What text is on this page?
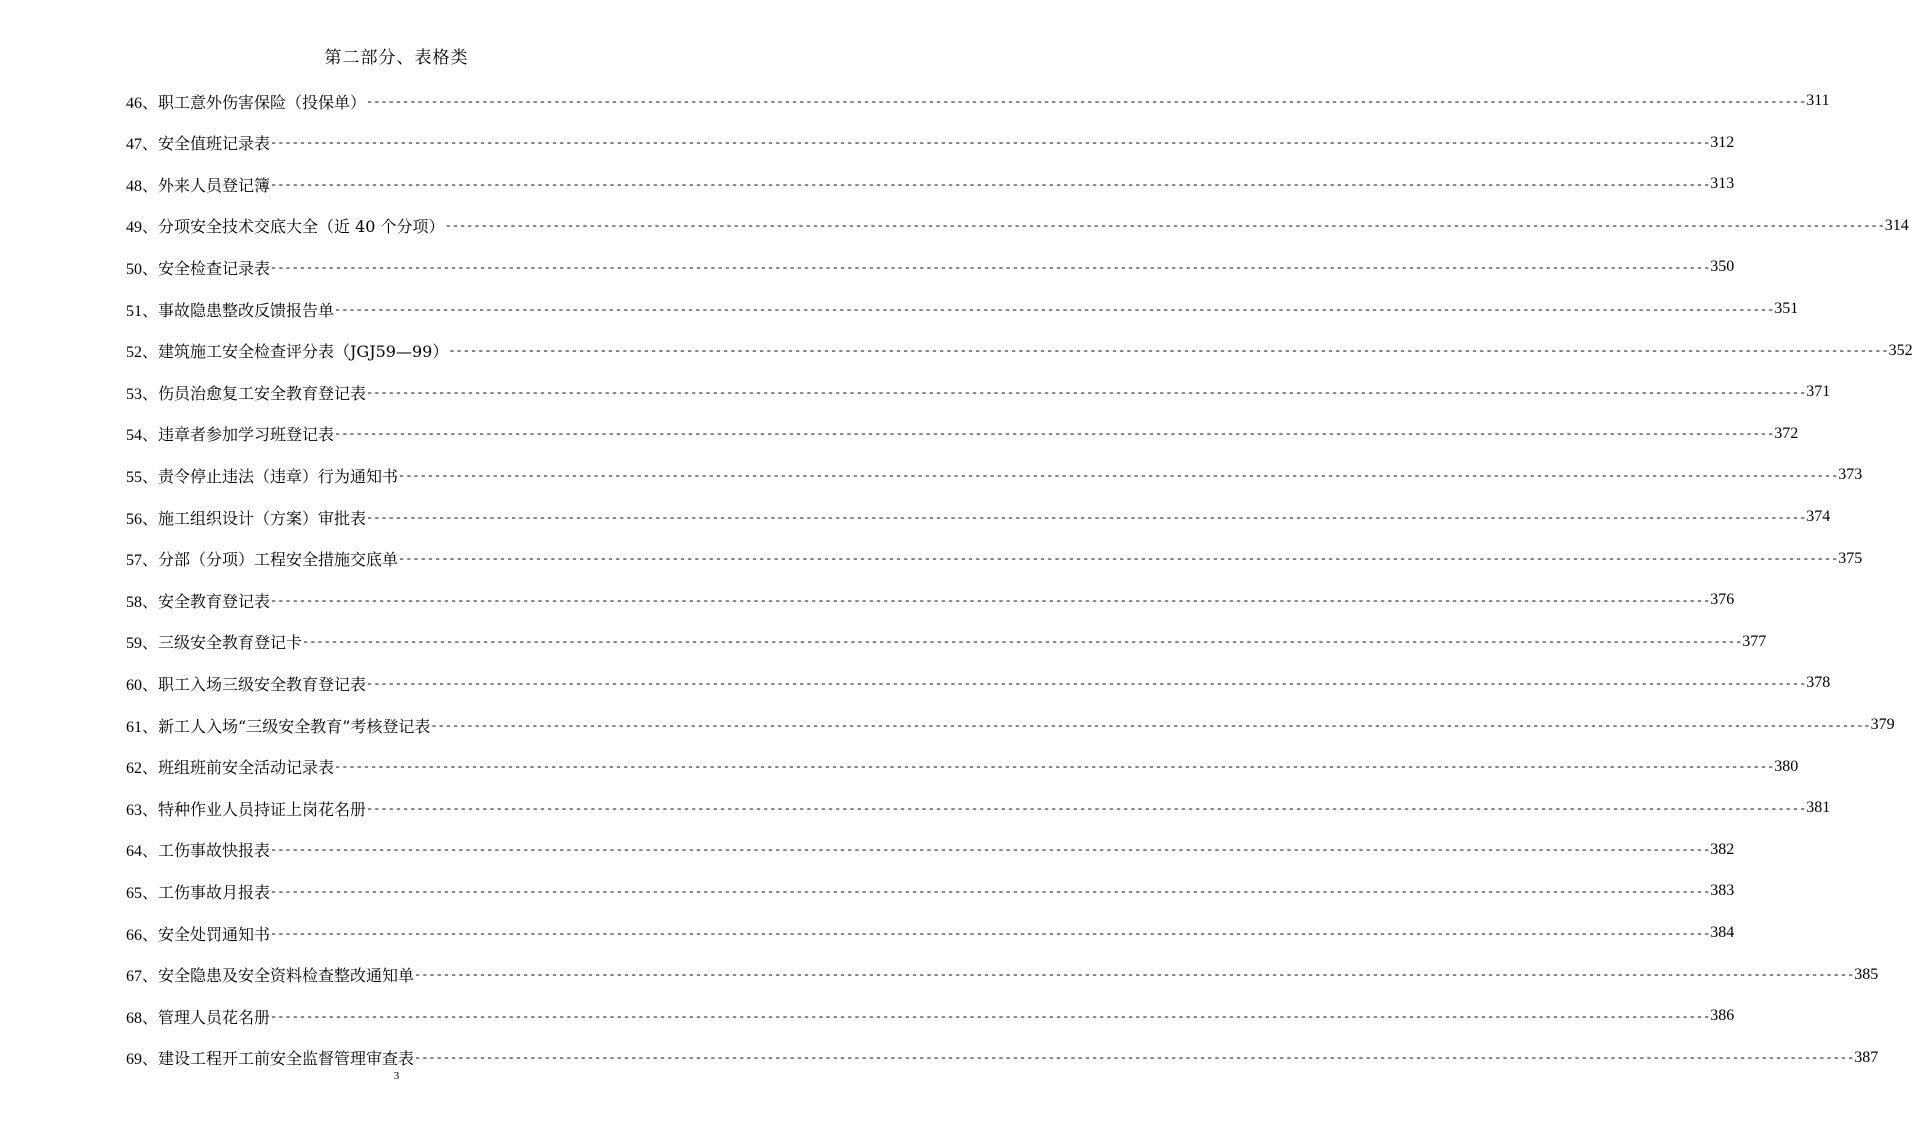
第二部分、表格类
46、 职工意外伤害保险（投保单） -------------------------------------------------------------------------------------------------------------------------------------------------------------------------------------------------------- 311
47、 安全值班记录表 -------------------------------------------------------------------------------------------------------------------------------------------------------------------------------------------------------- 312
48、 外来人员登记簿 -------------------------------------------------------------------------------------------------------------------------------------------------------------------------------------------------------- 313
49、 分项安全技术交底大全（近 40 个分项） -------------------------------------------------------------------------------------------------------------------------------------------------------------------------------------------------------- 314
50、 安全检查记录表 -------------------------------------------------------------------------------------------------------------------------------------------------------------------------------------------------------- 350
51、 事故隐患整改反馈报告单 -------------------------------------------------------------------------------------------------------------------------------------------------------------------------------------------------------- 351
52、 建筑施工安全检查评分表（JGJ59—99） -------------------------------------------------------------------------------------------------------------------------------------------------------------------------------------------------------- 352
53、 伤员治愈复工安全教育登记表 -------------------------------------------------------------------------------------------------------------------------------------------------------------------------------------------------------- 371
54、 违章者参加学习班登记表 -------------------------------------------------------------------------------------------------------------------------------------------------------------------------------------------------------- 372
55、 责令停止违法（违章）行为通知书 -------------------------------------------------------------------------------------------------------------------------------------------------------------------------------------------------------- 373
56、 施工组织设计（方案）审批表 -------------------------------------------------------------------------------------------------------------------------------------------------------------------------------------------------------- 374
57、 分部（分项）工程安全措施交底单 -------------------------------------------------------------------------------------------------------------------------------------------------------------------------------------------------------- 375
58、 安全教育登记表 -------------------------------------------------------------------------------------------------------------------------------------------------------------------------------------------------------- 376
59、 三级安全教育登记卡 -------------------------------------------------------------------------------------------------------------------------------------------------------------------------------------------------------- 377
60、 职工入场三级安全教育登记表 -------------------------------------------------------------------------------------------------------------------------------------------------------------------------------------------------------- 378
61、 新工人入场“三级安全教育”考核登记表 -------------------------------------------------------------------------------------------------------------------------------------------------------------------------------------------------------- 379
62、 班组班前安全活动记录表 -------------------------------------------------------------------------------------------------------------------------------------------------------------------------------------------------------- 380
63、 特种作业人员持证上岗花名册 -------------------------------------------------------------------------------------------------------------------------------------------------------------------------------------------------------- 381
64、 工伤事故快报表 -------------------------------------------------------------------------------------------------------------------------------------------------------------------------------------------------------- 382
65、 工伤事故月报表 -------------------------------------------------------------------------------------------------------------------------------------------------------------------------------------------------------- 383
66、 安全处罚通知书 -------------------------------------------------------------------------------------------------------------------------------------------------------------------------------------------------------- 384
67、 安全隐患及安全资料检查整改通知单 -------------------------------------------------------------------------------------------------------------------------------------------------------------------------------------------------------- 385
68、 管理人员花名册 -------------------------------------------------------------------------------------------------------------------------------------------------------------------------------------------------------- 386
69、 建设工程开工前安全监督管理审查表 -------------------------------------------------------------------------------------------------------------------------------------------------------------------------------------------------------- 387
3
